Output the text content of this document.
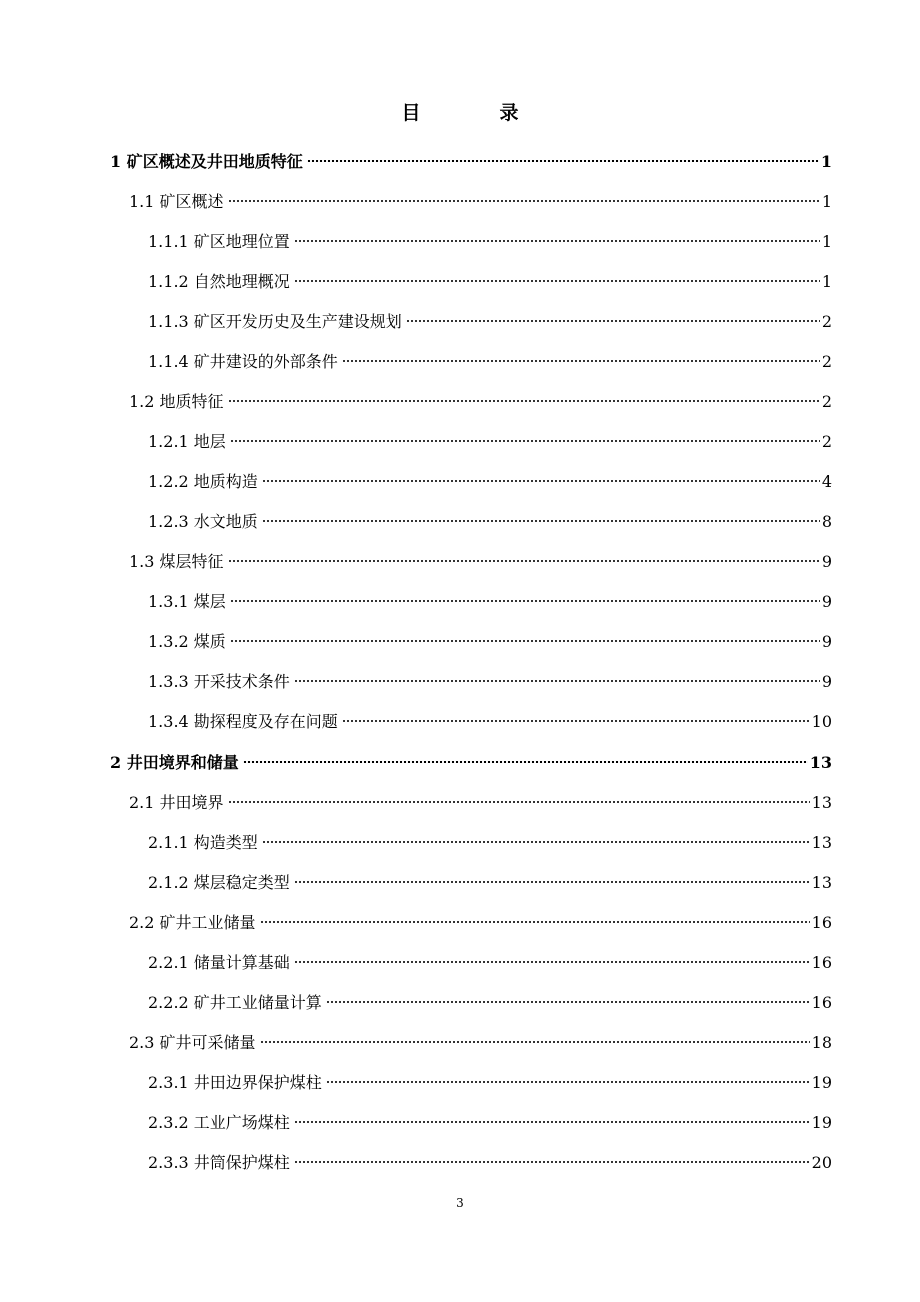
目　录
1 矿区概述及井田地质特征	1
1.1 矿区概述	1
1.1.1 矿区地理位置	1
1.1.2 自然地理概况	1
1.1.3 矿区开发历史及生产建设规划	2
1.1.4 矿井建设的外部条件	2
1.2 地质特征	2
1.2.1 地层	2
1.2.2 地质构造	4
1.2.3 水文地质	8
1.3 煤层特征	9
1.3.1 煤层	9
1.3.2 煤质	9
1.3.3 开采技术条件	9
1.3.4 勘探程度及存在问题	10
2 井田境界和储量	13
2.1 井田境界	13
2.1.1 构造类型	13
2.1.2 煤层稳定类型	13
2.2 矿井工业储量	16
2.2.1 储量计算基础	16
2.2.2 矿井工业储量计算	16
2.3 矿井可采储量	18
2.3.1 井田边界保护煤柱	19
2.3.2 工业广场煤柱	19
2.3.3 井筒保护煤柱	20
3
